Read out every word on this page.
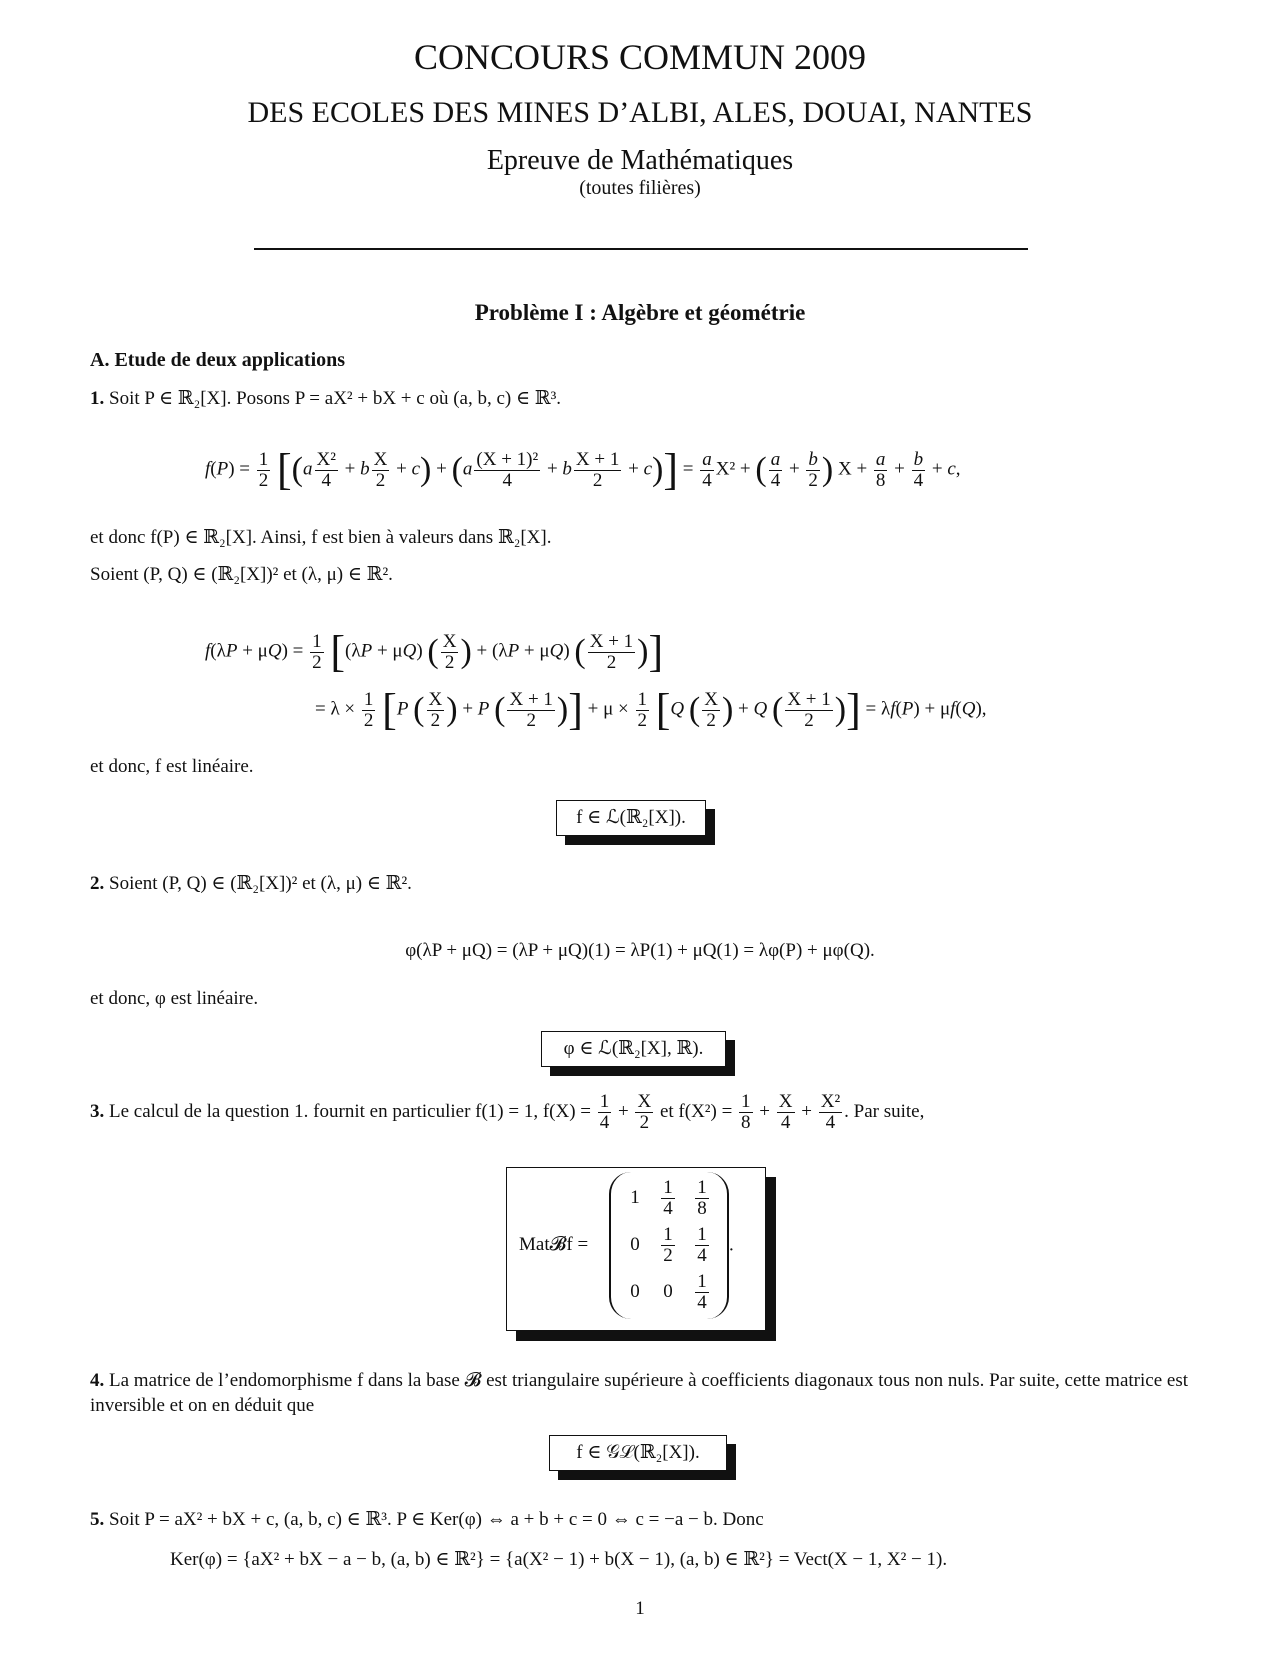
CONCOURS COMMUN 2009
DES ECOLES DES MINES D’ALBI, ALES, DOUAI, NANTES
Epreuve de Mathématiques
(toutes filières)
Problème I : Algèbre et géométrie
A. Etude de deux applications
1. Soit P ∈ ℝ₂[X]. Posons P = aX² + bX + c où (a, b, c) ∈ ℝ³.
$f(P) = \frac{1}{2} [(a \frac{\text{X²}}{4} + b \frac{X}{2} + c) + (a \frac{\text{(X + 1)²}}{4} + b \frac{X + 1}{2} + c)] = \frac{a}{4} X^2$ + ( $\frac{a}{4} + \frac{b}{2}$ ) $X + \frac{a}{8} + \frac{b}{4} + c$,
et donc f(P) ∈ ℝ₂[X]. Ainsi, f est bien à valeurs dans ℝ₂[X].
Soient (P, Q) ∈ (ℝ₂[X])² et (λ, μ) ∈ ℝ².
$f(\lambda P + \mu Q) = \frac{1}{2} [(\lambda P + \mu Q)$ ( $\frac{X}{2}$ ) + (λP + μQ) ( $\frac{X + 1}{2}$ )]
= $\lambda \times \frac{1}{2} [P$ ( $\frac{X}{2}$ ) + P ( $\frac{X + 1}{2}$ )] + $\mu \times \frac{1}{2} [Q$ ( $\frac{X}{2}$ ) + Q ( $\frac{X + 1}{2}$ )] = λf(P) + μf(Q),
et donc, f est linéaire.
f ∈ ℒ(ℝ₂[X]).
2. Soient (P, Q) ∈ (ℝ₂[X])² et (λ, μ) ∈ ℝ².
φ(λP + μQ) = (λP + μQ)(1) = λP(1) + μQ(1) = λφ(P) + μφ(Q).
et donc, φ est linéaire.
φ ∈ ℒ(ℝ₂[X], ℝ).
3. Le calcul de la question 1. fournit en particulier f(1) = 1, $f(X) = \frac{1}{4} + \frac{X}{2}$ et $f(X^2) = \frac{1}{8} + \frac{X}{4} + \frac{\text{X²}}{4}$ . Par suite,
Mat𝓑f =
$1 \frac{1}{4} \frac{1}{8}$
$0 \frac{1}{2} \frac{1}{4}$
0 $0 \frac{1}{4}$
.
4. La matrice de l’endomorphisme f dans la base 𝓑 est triangulaire supérieure à coefficients diagonaux tous non nuls. Par suite, cette matrice est inversible et on en déduit que
f ∈ 𝒢ℒ(ℝ₂[X]).
5. Soit P = aX² + bX + c, (a, b, c) ∈ ℝ³. P ∈ Ker(φ) ⇔ a + b + c = 0 ⇔ c = −a − b. Donc
Ker(φ) = {aX² + bX − a − b, (a, b) ∈ ℝ²} = {a(X² − 1) + b(X − 1), (a, b) ∈ ℝ²} = Vect(X − 1, X² − 1).
1
